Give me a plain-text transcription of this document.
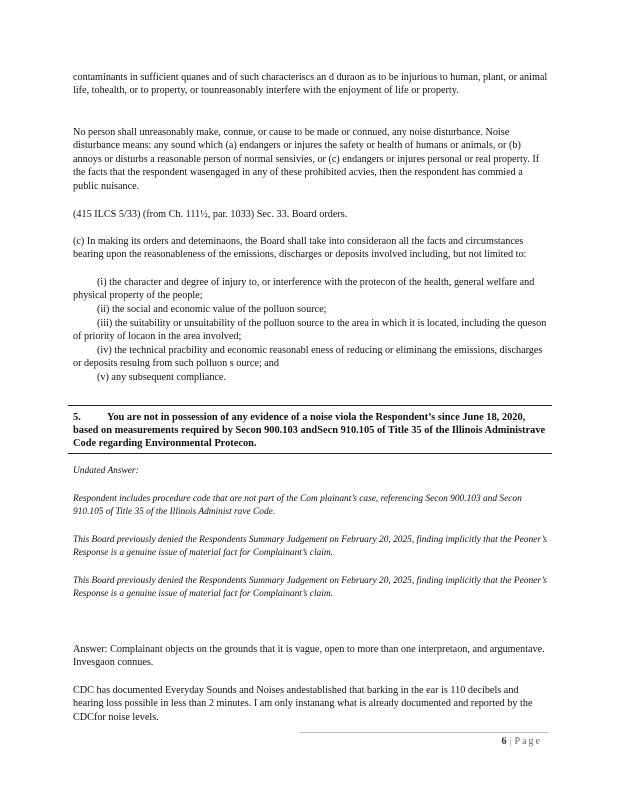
contaminants in sufficient quanes and of such characteriscs an d duraon as to be injurious to human, plant, or animal life, tohealth, or to property, or tounreasonably interfere with the enjoyment of life or property.

No person shall unreasonably make, connue, or cause to be made or connued, any noise disturbance. Noise disturbance means: any sound which (a) endangers or injures the safety or health of humans or animals, or (b) annoys or disturbs a reasonable person of normal sensivies, or (c) endangers or injures personal or real property. If the facts that the respondent wasengaged in any of these prohibited acvies, then the respondent has commied a public nuisance.

(415 ILCS 5/33) (from Ch. 111½, par. 1033) Sec. 33. Board orders.

(c) In making its orders and deteminaons, the Board shall take into consideraon all the facts and circumstances bearing upon the reasonableness of the emissions, discharges or deposits involved including, but not limited to:

(i) the character and degree of injury to, or interference with the protecon of the health, general welfare and physical property of the people;

(ii) the social and economic value of the polluon source;

(iii) the suitability or unsuitability of the polluon source to the area in which it is located, including the queson of priority of locaon in the area involved;

(iv) the technical pracbility and economic reasonabl eness of reducing or eliminang the emissions, discharges or deposits resulng from such polluon s ource; and

(v) any subsequent compliance.

5.	You are not in possession of any evidence of a noise viola the Respondent’s since June 18, 2020, based on measurements required by Secon 900.103 andSecn 910.105 of Title 35 of the Illinois Administrave Code regarding Environmental Protecon.

Undated Answer:

Respondent includes procedure code that are not part of the Com plainant’s case, referencing Secon 900.103 and Secon 910.105 of Title 35 of the Illinois Administ rave Code.

This Board previously denied the Respondents Summary Judgement on February 20, 2025, finding implicitly that the Peoner’s Response is a genuine issue of material fact for Complainant’s claim.

This Board previously denied the Respondents Summary Judgement on February 20, 2025, finding implicitly that the Peoner’s Response is a genuine issue of material fact for Complainant’s claim.

Answer: Complainant objects on the grounds that it is vague, open to more than one interpretaon, and argumentave. Invesgaon connues.

CDC has documented Everyday Sounds and Noises andestablished that barking in the ear is 110 decibels and hearing loss possible in less than 2 minutes. I am only instanang what is already documented and reported by the CDCfor noise levels.

6 | Page
